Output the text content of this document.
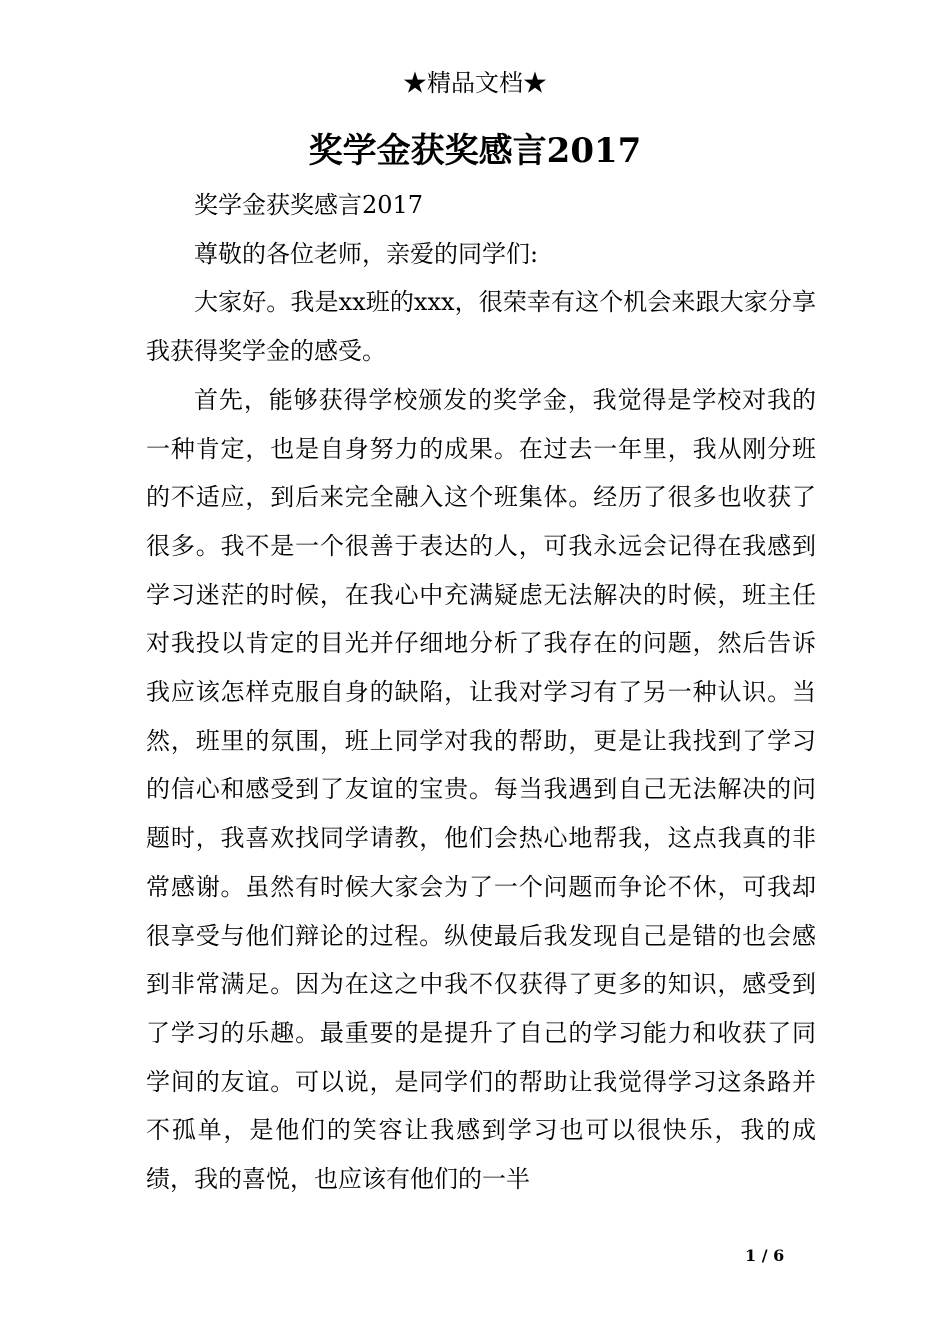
★精品文档★
奖学金获奖感言2017

奖学金获奖感言2017

尊敬的各位老师，亲爱的同学们:

大家好。我是xx班的xxx，很荣幸有这个机会来跟大家分享我获得奖学金的感受。

首先，能够获得学校颁发的奖学金，我觉得是学校对我的一种肯定，也是自身努力的成果。在过去一年里，我从刚分班的不适应，到后来完全融入这个班集体。经历了很多也收获了很多。我不是一个很善于表达的人，可我永远会记得在我感到学习迷茫的时候，在我心中充满疑虑无法解决的时候，班主任对我投以肯定的目光并仔细地分析了我存在的问题，然后告诉我应该怎样克服自身的缺陷，让我对学习有了另一种认识。当然，班里的氛围，班上同学对我的帮助，更是让我找到了学习的信心和感受到了友谊的宝贵。每当我遇到自己无法解决的问题时，我喜欢找同学请教，他们会热心地帮我，这点我真的非常感谢。虽然有时候大家会为了一个问题而争论不休，可我却很享受与他们辩论的过程。纵使最后我发现自己是错的也会感到非常满足。因为在这之中我不仅获得了更多的知识，感受到了学习的乐趣。最重要的是提升了自己的学习能力和收获了同学间的友谊。可以说，是同学们的帮助让我觉得学习这条路并不孤单，是他们的笑容让我感到学习也可以很快乐，我的成绩，我的喜悦，也应该有他们的一半

1 / 6
